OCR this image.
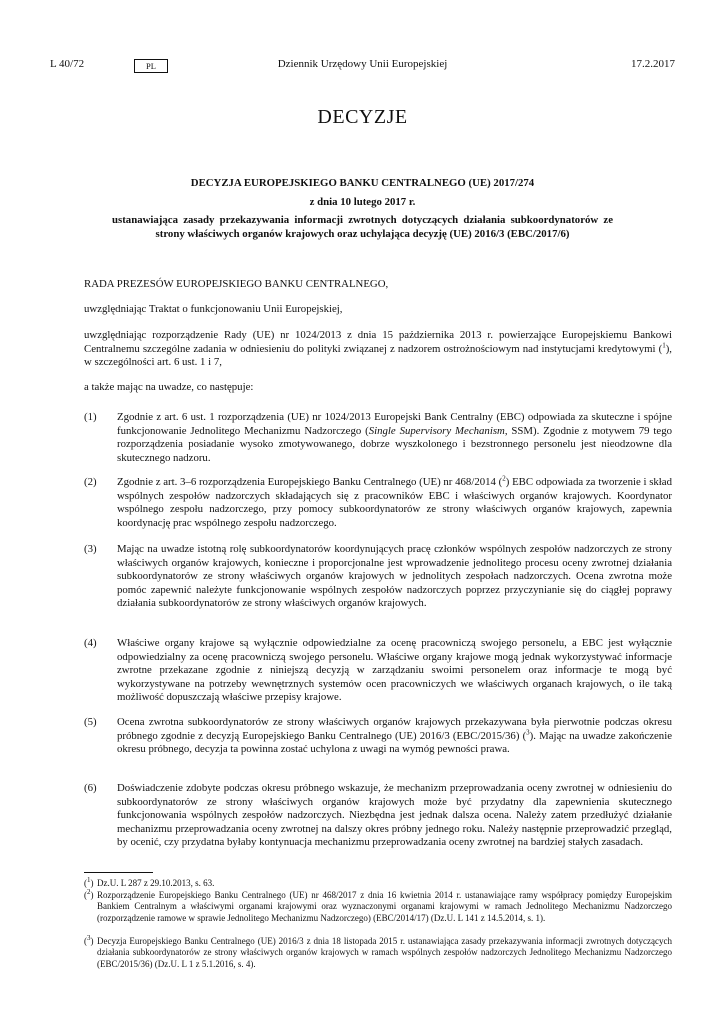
L 40/72	PL	Dziennik Urzędowy Unii Europejskiej	17.2.2017
DECYZJE
DECYZJA EUROPEJSKIEGO BANKU CENTRALNEGO (UE) 2017/274
z dnia 10 lutego 2017 r.
ustanawiająca zasady przekazywania informacji zwrotnych dotyczących działania subkoordynatorów ze strony właściwych organów krajowych oraz uchylająca decyzję (UE) 2016/3 (EBC/2017/6)

RADA PREZESÓW EUROPEJSKIEGO BANKU CENTRALNEGO,

uwzględniając Traktat o funkcjonowaniu Unii Europejskiej,

uwzględniając rozporządzenie Rady (UE) nr 1024/2013 z dnia 15 października 2013 r. powierzające Europejskiemu Bankowi Centralnemu szczególne zadania w odniesieniu do polityki związanej z nadzorem ostrożnościowym nad instytucjami kredytowymi ($^1$), w szczególności art. 6 ust. 1 i 7,

a także mając na uwadze, co następuje:

(1) Zgodnie z art. 6 ust. 1 rozporządzenia (UE) nr 1024/2013 Europejski Bank Centralny (EBC) odpowiada za skuteczne i spójne funkcjonowanie Jednolitego Mechanizmu Nadzorczego (Single Supervisory Mechanism, SSM). Zgodnie z motywem 79 tego rozporządzenia posiadanie wysoko zmotywowanego, dobrze wyszkolonego i bezstronnego personelu jest nieodzowne dla skutecznego nadzoru.

(2) Zgodnie z art. 3–6 rozporządzenia Europejskiego Banku Centralnego (UE) nr 468/2014 ($^2$) EBC odpowiada za tworzenie i skład wspólnych zespołów nadzorczych składających się z pracowników EBC i właściwych organów krajowych. Koordynator wspólnego zespołu nadzorczego, przy pomocy subkoordynatorów ze strony właściwych organów krajowych, zapewnia koordynację prac wspólnego zespołu nadzorczego.

(3) Mając na uwadze istotną rolę subkoordynatorów koordynujących pracę członków wspólnych zespołów nadzorczych ze strony właściwych organów krajowych, konieczne i proporcjonalne jest wprowadzenie jednolitego procesu oceny zwrotnej działania subkoordynatorów ze strony właściwych organów krajowych w jednolitych zespołach nadzorczych. Ocena zwrotna może pomóc zapewnić należyte funkcjonowanie wspólnych zespołów nadzorczych poprzez przyczynianie się do ciągłej poprawy działania subkoordynatorów ze strony właściwych organów krajowych.

(4) Właściwe organy krajowe są wyłącznie odpowiedzialne za ocenę pracowniczą swojego personelu, a EBC jest wyłącznie odpowiedzialny za ocenę pracowniczą swojego personelu. Właściwe organy krajowe mogą jednak wykorzystywać informacje zwrotne przekazane zgodnie z niniejszą decyzją w zarządzaniu swoimi personelem oraz informacje te mogą być wykorzystywane na potrzeby wewnętrznych systemów ocen pracowniczych we właściwych organach krajowych, o ile taką możliwość dopuszczają właściwe przepisy krajowe.

(5) Ocena zwrotna subkoordynatorów ze strony właściwych organów krajowych przekazywana była pierwotnie podczas okresu próbnego zgodnie z decyzją Europejskiego Banku Centralnego (UE) 2016/3 (EBC/2015/36) ($^3$). Mając na uwadze zakończenie okresu próbnego, decyzja ta powinna zostać uchylona z uwagi na wymóg pewności prawa.

(6) Doświadczenie zdobyte podczas okresu próbnego wskazuje, że mechanizm przeprowadzania oceny zwrotnej w odniesieniu do subkoordynatorów ze strony właściwych organów krajowych może być przydatny dla zapewnienia skutecznego funkcjonowania wspólnych zespołów nadzorczych. Niezbędna jest jednak dalsza ocena. Należy zatem przedłużyć działanie mechanizmu przeprowadzania oceny zwrotnej na dalszy okres próbny jednego roku. Należy następnie przeprowadzić przegląd, by ocenić, czy przydatna byłaby kontynuacja mechanizmu przeprowadzania oceny zwrotnej na bardziej stałych zasadach.

($^1$) Dz.U. L 287 z 29.10.2013, s. 63.

($^2$) Rozporządzenie Europejskiego Banku Centralnego (UE) nr 468/2017 z dnia 16 kwietnia 2014 r. ustanawiające ramy współpracy pomiędzy Europejskim Bankiem Centralnym a właściwymi organami krajowymi oraz wyznaczonymi organami krajowymi w ramach Jednolitego Mechanizmu Nadzorczego (rozporządzenie ramowe w sprawie Jednolitego Mechanizmu Nadzorczego) (EBC/2014/17) (Dz.U. L 141 z 14.5.2014, s. 1).

($^3$) Decyzja Europejskiego Banku Centralnego (UE) 2016/3 z dnia 18 listopada 2015 r. ustanawiająca zasady przekazywania informacji zwrotnych dotyczących działania subkoordynatorów ze strony właściwych organów krajowych w ramach wspólnych zespołów nadzorczych Jednolitego Mechanizmu Nadzorczego (EBC/2015/36) (Dz.U. L 1 z 5.1.2016, s. 4).
